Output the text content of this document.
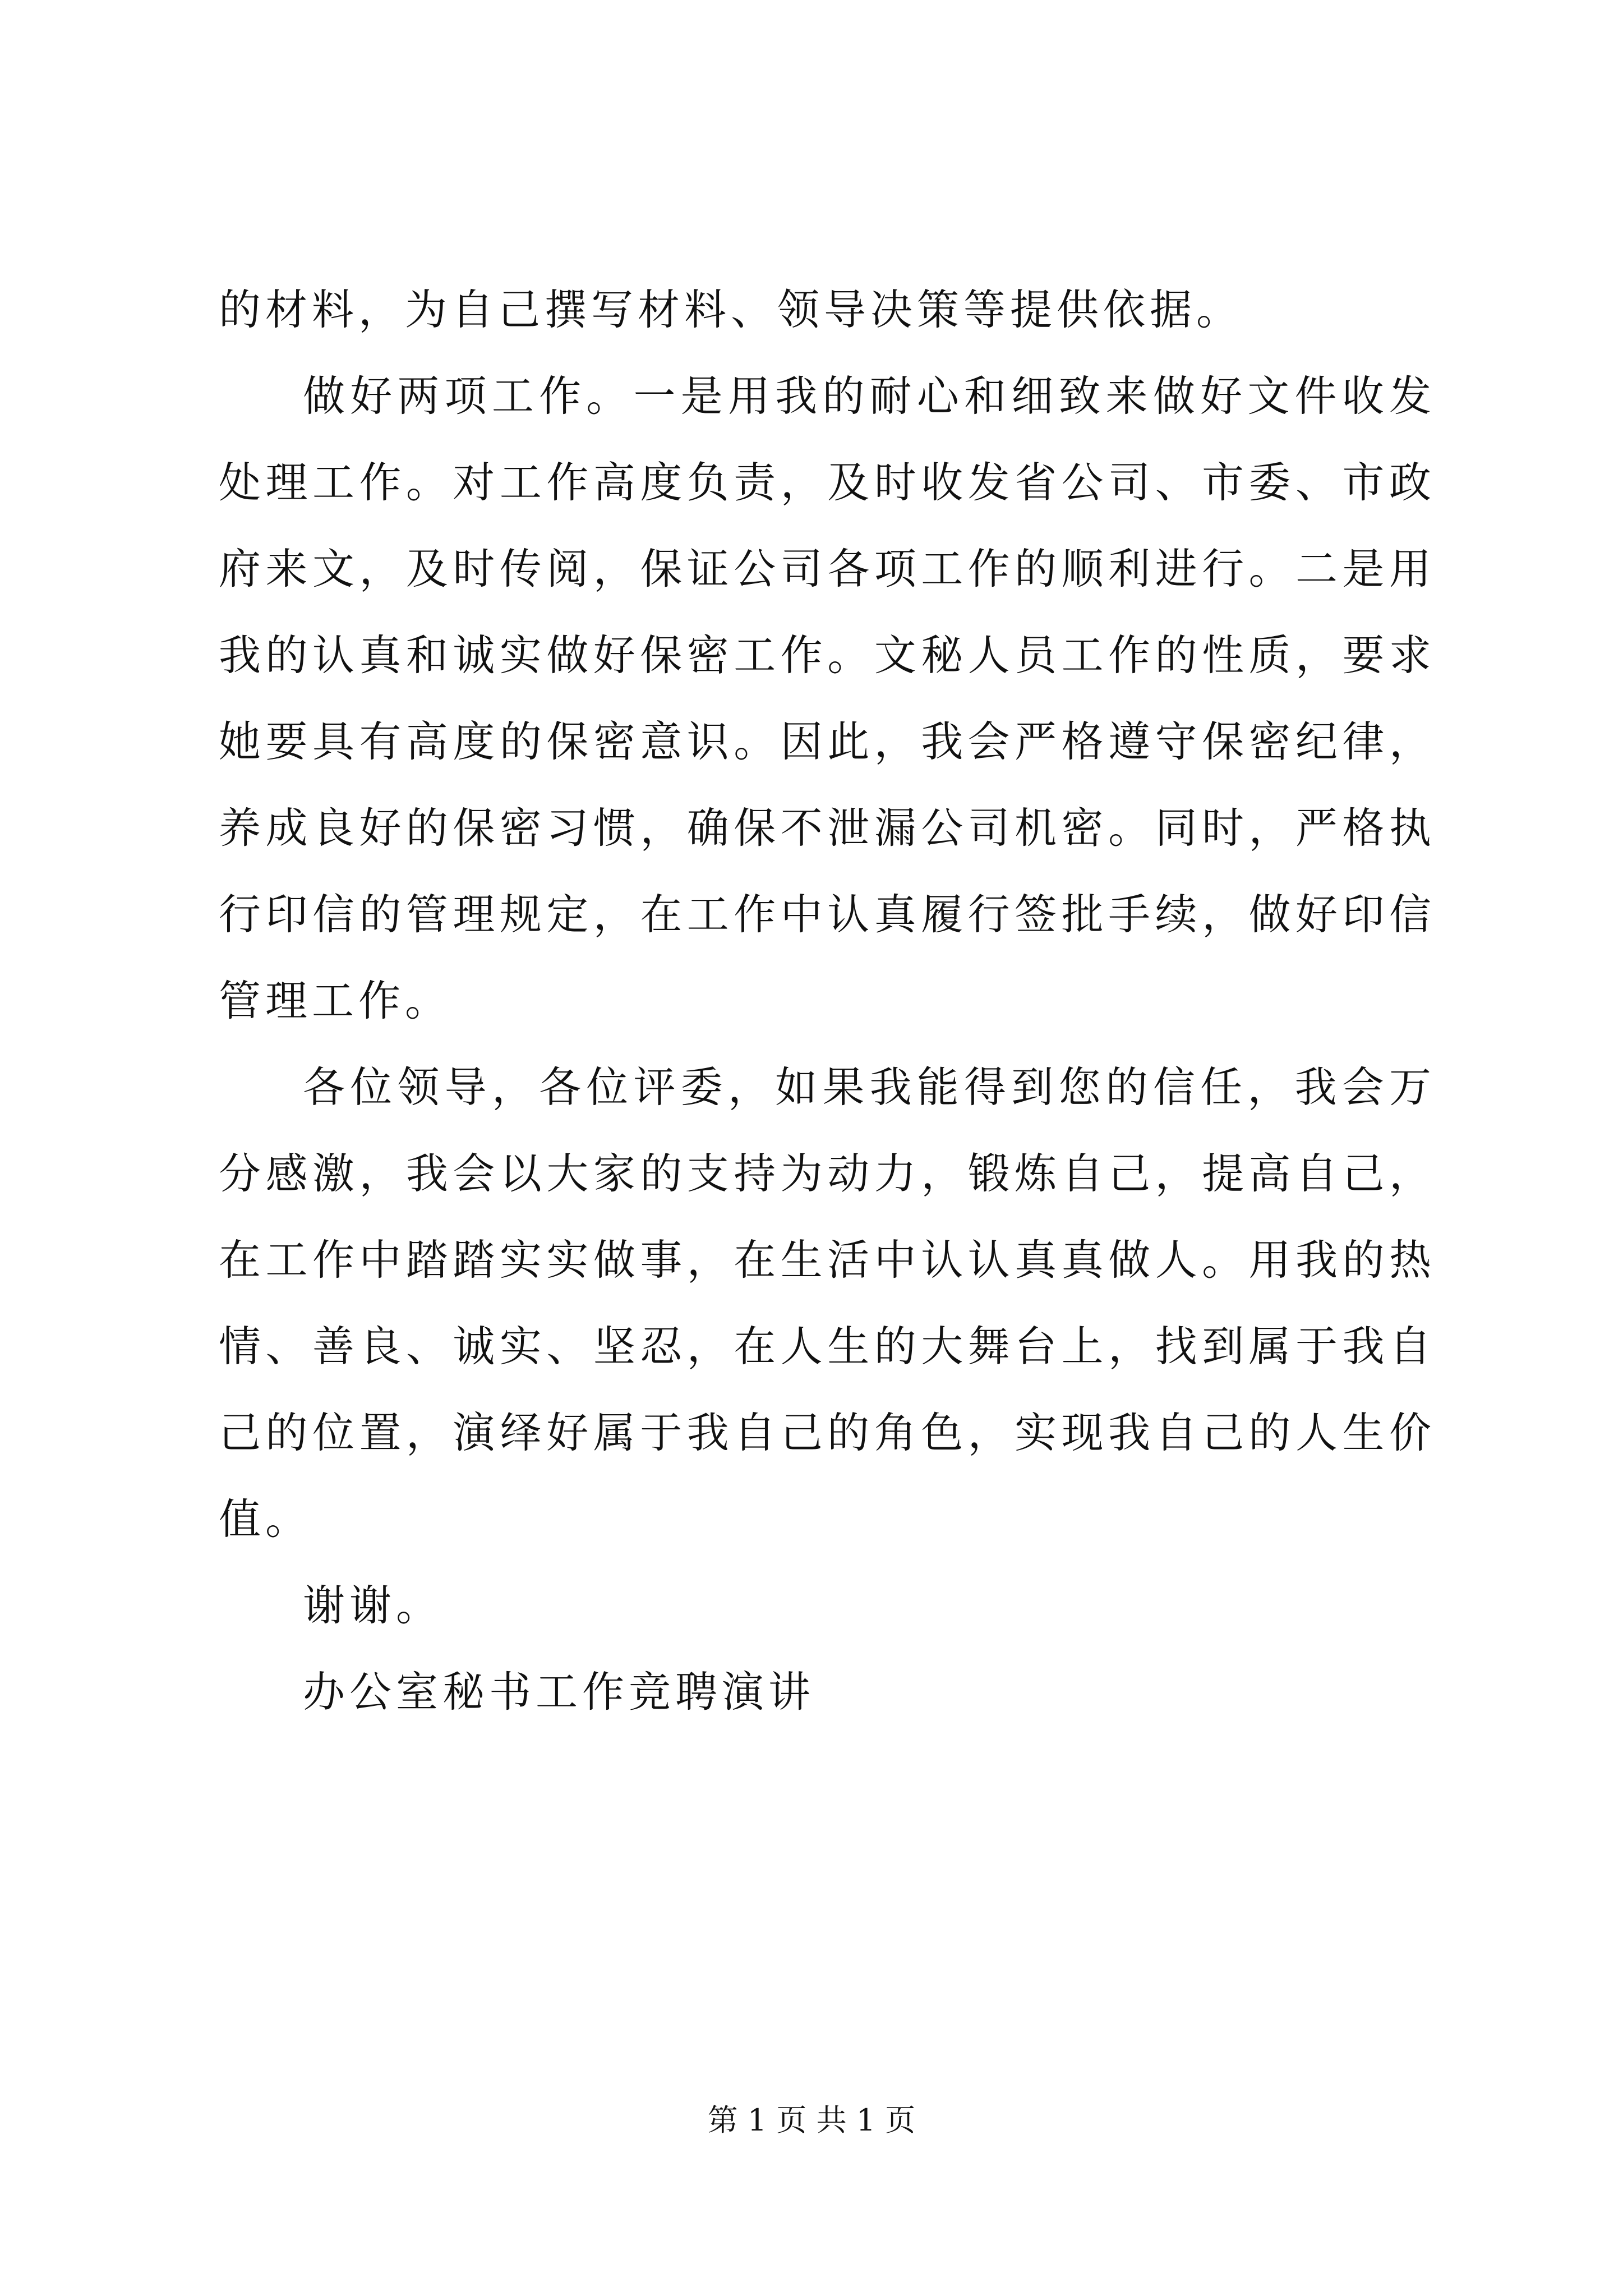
的材料，为自己撰写材料、领导决策等提供依据。

做好两项工作。一是用我的耐心和细致来做好文件收发处理工作。对工作高度负责，及时收发省公司、市委、市政府来文，及时传阅，保证公司各项工作的顺利进行。二是用我的认真和诚实做好保密工作。文秘人员工作的性质，要求她要具有高度的保密意识。因此，我会严格遵守保密纪律，养成良好的保密习惯，确保不泄漏公司机密。同时，严格执行印信的管理规定，在工作中认真履行签批手续，做好印信管理工作。

各位领导，各位评委，如果我能得到您的信任，我会万分感激，我会以大家的支持为动力，锻炼自己，提高自己，在工作中踏踏实实做事，在生活中认认真真做人。用我的热情、善良、诚实、坚忍，在人生的大舞台上，找到属于我自己的位置，演绎好属于我自己的角色，实现我自己的人生价值。

谢谢。

办公室秘书工作竞聘演讲

第 1 页 共 1 页
